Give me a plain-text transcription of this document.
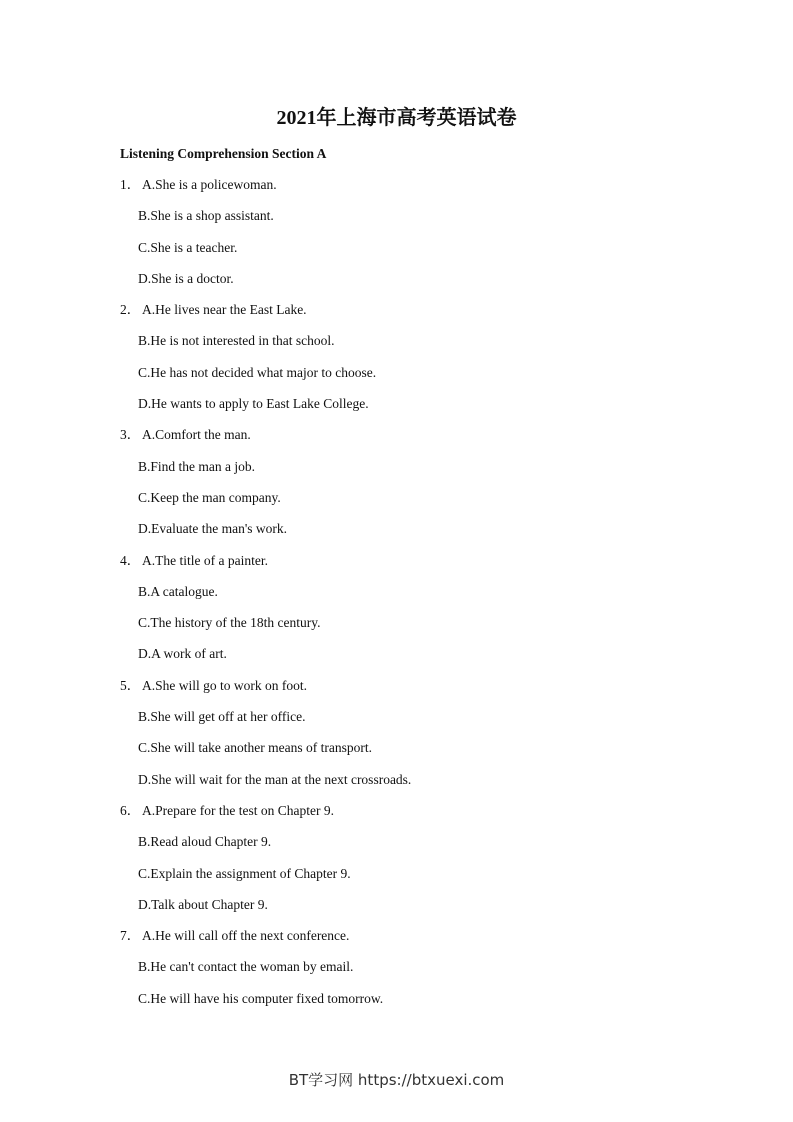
2021年上海市高考英语试卷
Listening Comprehension Section A
1． A.She is a policewoman.
B.She is a shop assistant.
C.She is a teacher.
D.She is a doctor.
2． A.He lives near the East Lake.
B.He is not interested in that school.
C.He has not decided what major to choose.
D.He wants to apply to East Lake College.
3． A.Comfort the man.
B.Find the man a job.
C.Keep the man company.
D.Evaluate the man's work.
4． A.The title of a painter.
B.A catalogue.
C.The history of the 18th century.
D.A work of art.
5． A.She will go to work on foot.
B.She will get off at her office.
C.She will take another means of transport.
D.She will wait for the man at the next crossroads.
6． A.Prepare for the test on Chapter 9.
B.Read aloud Chapter 9.
C.Explain the assignment of Chapter 9.
D.Talk about Chapter 9.
7． A.He will call off the next conference.
B.He can't contact the woman by email.
C.He will have his computer fixed tomorrow.
BT学习网 https://btxuexi.com
